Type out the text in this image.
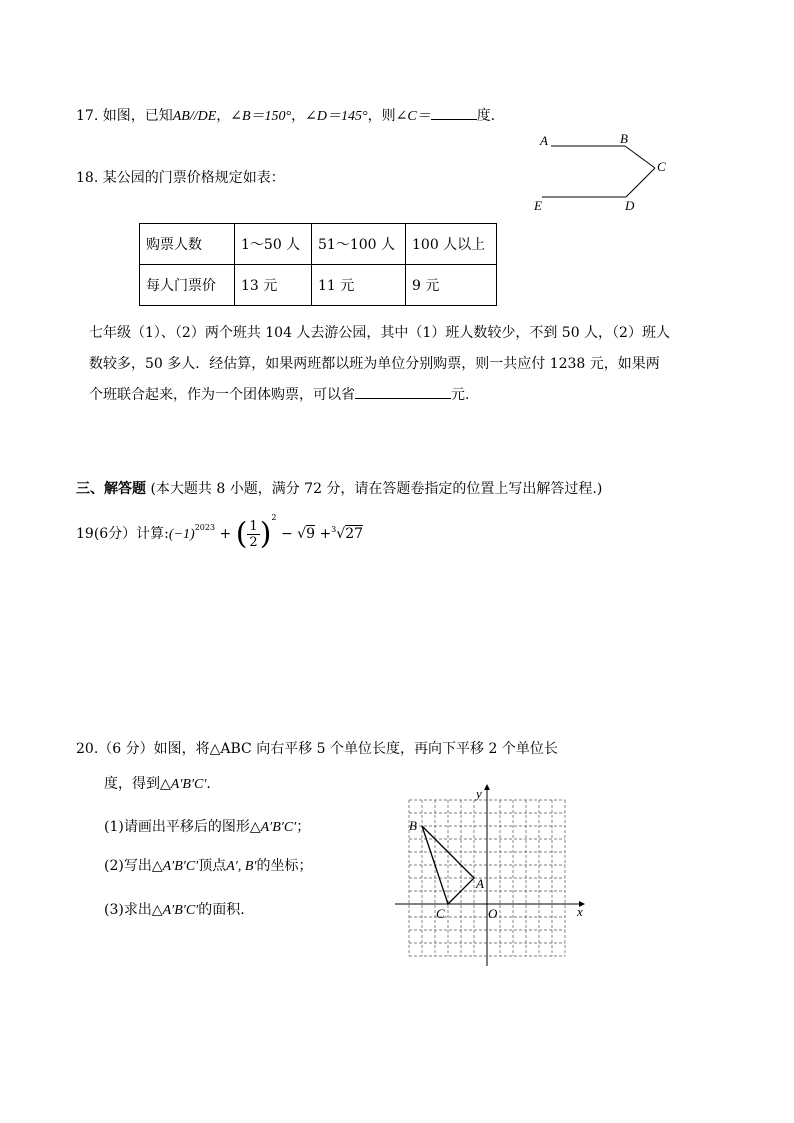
17. 如图，已知AB//DE，∠B＝150°，∠D＝145°，则∠C＝	度.
A	B
C
D
E
18. 某公园的门票价格规定如表：
购票人数	1～50 人	51～100 人	100 人以上
每人门票价	13 元	11 元	9 元
七年级（1）、（2）两个班共 104 人去游公园，其中（1）班人数较少，不到 50 人，（2）班人
数较多，50 多人．经估算，如果两班都以班为单位分别购票，则一共应付 1238 元，如果两
个班联合起来，作为一个团体购票，可以省	元.
三、解答题 (本大题共 8 小题，满分 72 分，请在答题卷指定的位置上写出解答过程.)
19(6分）计算$:(-1)^{2023}$ + ( $\frac{1}{2} )^2 - √9 +^3√27$
20.（6 分）如图，将△ABC 向右平移 5 个单位长度，再向下平移 2 个单位长
度，得到△A′B′C′.
(1)请画出平移后的图形△A′B′C′；
(2)写出△A′B′C′顶点A′, B′的坐标；
(3)求出△A′B′C′的面积.
y
x
O
B
A
C
